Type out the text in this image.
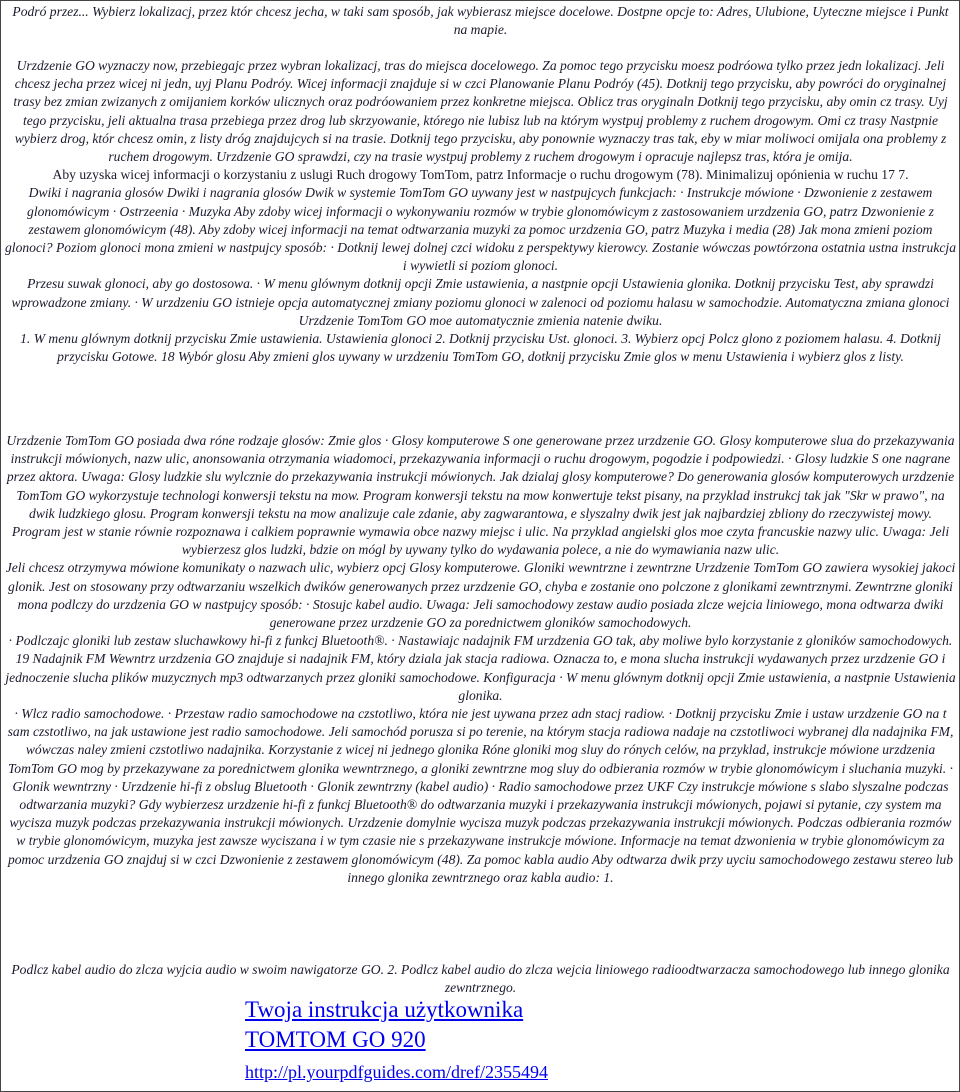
Podró przez... Wybierz lokalizacj, przez któr chcesz jecha, w taki sam sposób, jak wybierasz miejsce docelowe. Dostpne opcje to: Adres, Ulubione, Uyteczne miejsce i Punkt na mapie.

Urzdzenie GO wyznaczy now, przebiegajc przez wybran lokalizacj, tras do miejsca docelowego. Za pomoc tego przycisku moesz podróowa tylko przez jedn lokalizacj. Jeli chcesz jecha przez wicej ni jedn, uyj Planu Podróy. Wicej informacji znajduje si w czci Planowanie Planu Podróy (45). Dotknij tego przycisku, aby powróci do oryginalnej trasy bez zmian zwizanych z omijaniem korków ulicznych oraz podróowaniem przez konkretne miejsca. Oblicz tras oryginaln Dotknij tego przycisku, aby omin cz trasy. Uyj tego przycisku, jeli aktualna trasa przebiega przez drog lub skrzyowanie, którego nie lubisz lub na którym wystpuj problemy z ruchem drogowym. Omi cz trasy Nastpnie wybierz drog, któr chcesz omin, z listy dróg znajdujcych si na trasie. Dotknij tego przycisku, aby ponownie wyznaczy tras tak, eby w miar moliwoci omijala ona problemy z ruchem drogowym. Urzdzenie GO sprawdzi, czy na trasie wystpuj problemy z ruchem drogowym i opracuje najlepsz tras, która je omija.

Aby uzyska wicej informacji o korzystaniu z uslugi Ruch drogowy TomTom, patrz Informacje o ruchu drogowym (78). Minimalizuj opónienia w ruchu 17 7.

Dwiki i nagrania glosów Dwiki i nagrania glosów Dwik w systemie TomTom GO uywany jest w nastpujcych funkcjach: · Instrukcje mówione · Dzwonienie z zestawem glonomówicym · Ostrzeenia · Muzyka Aby zdoby wicej informacji o wykonywaniu rozmów w trybie glonomówicym z zastosowaniem urzdzenia GO, patrz Dzwonienie z zestawem glonomówicym (48). Aby zdoby wicej informacji na temat odtwarzania muzyki za pomoc urzdzenia GO, patrz Muzyka i media (28) Jak mona zmieni poziom glonoci? Poziom glonoci mona zmieni w nastpujcy sposób: · Dotknij lewej dolnej czci widoku z perspektywy kierowcy. Zostanie wówczas powtórzona ostatnia ustna instrukcja i wywietli si poziom glonoci.

Przesu suwak glonoci, aby go dostosowa. · W menu glównym dotknij opcji Zmie ustawienia, a nastpnie opcji Ustawienia glonika. Dotknij przycisku Test, aby sprawdzi wprowadzone zmiany. · W urzdzeniu GO istnieje opcja automatycznej zmiany poziomu glonoci w zalenoci od poziomu halasu w samochodzie. Automatyczna zmiana glonoci Urzdzenie TomTom GO moe automatycznie zmienia natenie dwiku.

1. W menu glównym dotknij przycisku Zmie ustawienia. Ustawienia glonoci 2. Dotknij przycisku Ust. glonoci. 3. Wybierz opcj Polcz glono z poziomem halasu. 4. Dotknij przycisku Gotowe. 18 Wybór glosu Aby zmieni glos uywany w urzdzeniu TomTom GO, dotknij przycisku Zmie glos w menu Ustawienia i wybierz glos z listy.

Urzdzenie TomTom GO posiada dwa róne rodzaje glosów: Zmie glos · Glosy komputerowe S one generowane przez urzdzenie GO. Glosy komputerowe slua do przekazywania instrukcji mówionych, nazw ulic, anonsowania otrzymania wiadomoci, przekazywania informacji o ruchu drogowym, pogodzie i podpowiedzi. · Glosy ludzkie S one nagrane przez aktora. Uwaga: Glosy ludzkie slu wylcznie do przekazywania instrukcji mówionych. Jak dzialaj glosy komputerowe? Do generowania glosów komputerowych urzdzenie TomTom GO wykorzystuje technologi konwersji tekstu na mow. Program konwersji tekstu na mow konwertuje tekst pisany, na przyklad instrukcj tak jak "Skr w prawo", na dwik ludzkiego glosu. Program konwersji tekstu na mow analizuje cale zdanie, aby zagwarantowa, e slyszalny dwik jest jak najbardziej zbliony do rzeczywistej mowy. Program jest w stanie równie rozpoznawa i calkiem poprawnie wymawia obce nazwy miejsc i ulic. Na przyklad angielski glos moe czyta francuskie nazwy ulic. Uwaga: Jeli wybierzesz glos ludzki, bdzie on mógl by uywany tylko do wydawania polece, a nie do wymawiania nazw ulic.

Jeli chcesz otrzymywa mówione komunikaty o nazwach ulic, wybierz opcj Glosy komputerowe. Gloniki wewntrzne i zewntrzne Urzdzenie TomTom GO zawiera wysokiej jakoci glonik. Jest on stosowany przy odtwarzaniu wszelkich dwików generowanych przez urzdzenie GO, chyba e zostanie ono polczone z glonikami zewntrznymi. Zewntrzne gloniki mona podlczy do urzdzenia GO w nastpujcy sposób: · Stosujc kabel audio. Uwaga: Jeli samochodowy zestaw audio posiada zlcze wejcia liniowego, mona odtwarza dwiki generowane przez urzdzenie GO za porednictwem gloników samochodowych.

· Podlczajc gloniki lub zestaw sluchawkowy hi-fi z funkcj Bluetooth®. · Nastawiajc nadajnik FM urzdzenia GO tak, aby moliwe bylo korzystanie z gloników samochodowych. 19 Nadajnik FM Wewntrz urzdzenia GO znajduje si nadajnik FM, który dziala jak stacja radiowa. Oznacza to, e mona slucha instrukcji wydawanych przez urzdzenie GO i jednoczenie slucha plików muzycznych mp3 odtwarzanych przez gloniki samochodowe. Konfiguracja · W menu glównym dotknij opcji Zmie ustawienia, a nastpnie Ustawienia glonika.

· Wlcz radio samochodowe. · Przestaw radio samochodowe na czstotliwo, która nie jest uywana przez adn stacj radiow. · Dotknij przycisku Zmie i ustaw urzdzenie GO na t sam czstotliwo, na jak ustawione jest radio samochodowe. Jeli samochód porusza si po terenie, na którym stacja radiowa nadaje na czstotliwoci wybranej dla nadajnika FM, wówczas naley zmieni czstotliwo nadajnika. Korzystanie z wicej ni jednego glonika Róne gloniki mog sluy do rónych celów, na przyklad, instrukcje mówione urzdzenia TomTom GO mog by przekazywane za porednictwem glonika wewntrznego, a gloniki zewntrzne mog sluy do odbierania rozmów w trybie glonomówicym i sluchania muzyki. · Glonik wewntrzny · Urzdzenie hi-fi z obslug Bluetooth · Glonik zewntrzny (kabel audio) · Radio samochodowe przez UKF Czy instrukcje mówione s slabo slyszalne podczas odtwarzania muzyki? Gdy wybierzesz urzdzenie hi-fi z funkcj Bluetooth® do odtwarzania muzyki i przekazywania instrukcji mówionych, pojawi si pytanie, czy system ma wycisza muzyk podczas przekazywania instrukcji mówionych. Urzdzenie domylnie wycisza muzyk podczas przekazywania instrukcji mówionych. Podczas odbierania rozmów w trybie glonomówicym, muzyka jest zawsze wyciszana i w tym czasie nie s przekazywane instrukcje mówione. Informacje na temat dzwonienia w trybie glonomówicym za pomoc urzdzenia GO znajduj si w czci Dzwonienie z zestawem glonomówicym (48). Za pomoc kabla audio Aby odtwarza dwik przy uyciu samochodowego zestawu stereo lub innego glonika zewntrznego oraz kabla audio: 1.

Podlcz kabel audio do zlcza wyjcia audio w swoim nawigatorze GO. 2. Podlcz kabel audio do zlcza wejcia liniowego radioodtwarzacza samochodowego lub innego glonika zewntrznego.

Twoja instrukcja użytkownika
TOMTOM GO 920
http://pl.yourpdfguides.com/dref/2355494
